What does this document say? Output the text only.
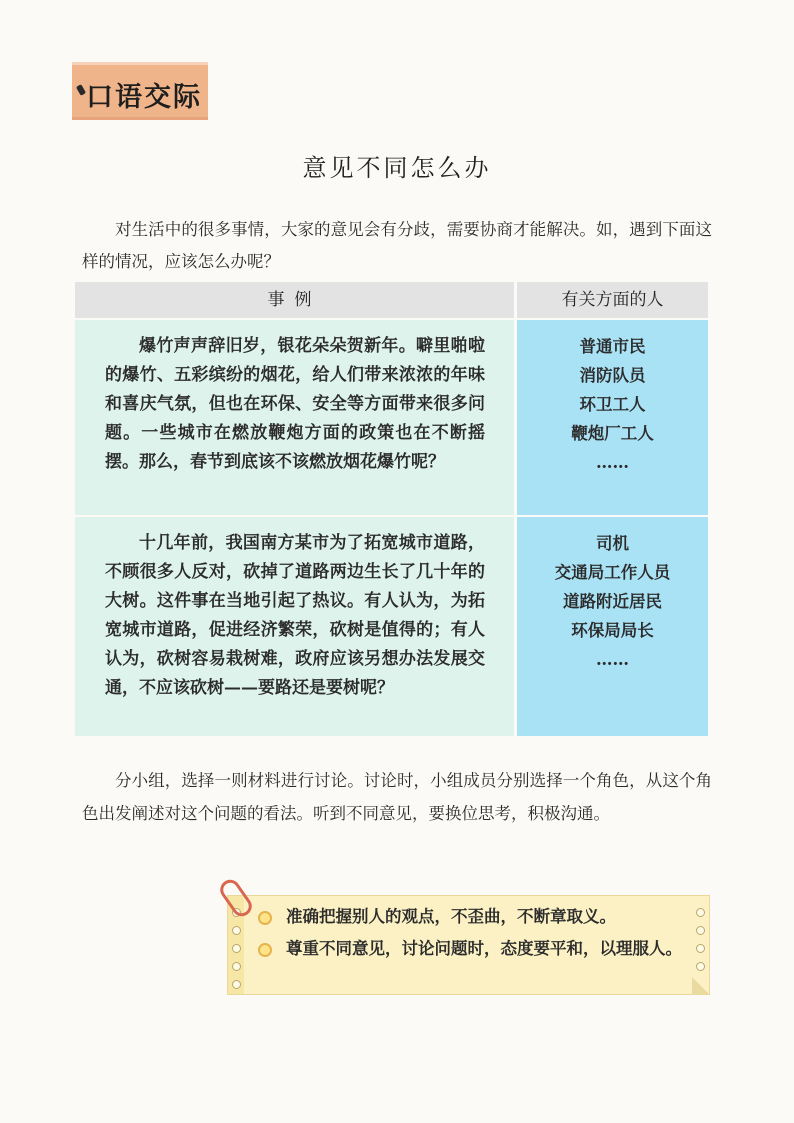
口语交际
意见不同怎么办
对生活中的很多事情，大家的意见会有分歧，需要协商才能解决。如，遇到下面这样的情况，应该怎么办呢？
事例	有关方面的人
爆竹声声辞旧岁，银花朵朵贺新年。噼里啪啦的爆竹、五彩缤纷的烟花，给人们带来浓浓的年味和喜庆气氛，但也在环保、安全等方面带来很多问题。一些城市在燃放鞭炮方面的政策也在不断摇摆。那么，春节到底该不该燃放烟花爆竹呢？
普通市民
消防队员
环卫工人
鞭炮厂工人
……
十几年前，我国南方某市为了拓宽城市道路，不顾很多人反对，砍掉了道路两边生长了几十年的大树。这件事在当地引起了热议。有人认为，为拓宽城市道路，促进经济繁荣，砍树是值得的；有人认为，砍树容易栽树难，政府应该另想办法发展交通，不应该砍树——要路还是要树呢？
司机
交通局工作人员
道路附近居民
环保局局长
……
分小组，选择一则材料进行讨论。讨论时，小组成员分别选择一个角色，从这个角色出发阐述对这个问题的看法。听到不同意见，要换位思考，积极沟通。
准确把握别人的观点，不歪曲，不断章取义。
尊重不同意见，讨论问题时，态度要平和，以理服人。
